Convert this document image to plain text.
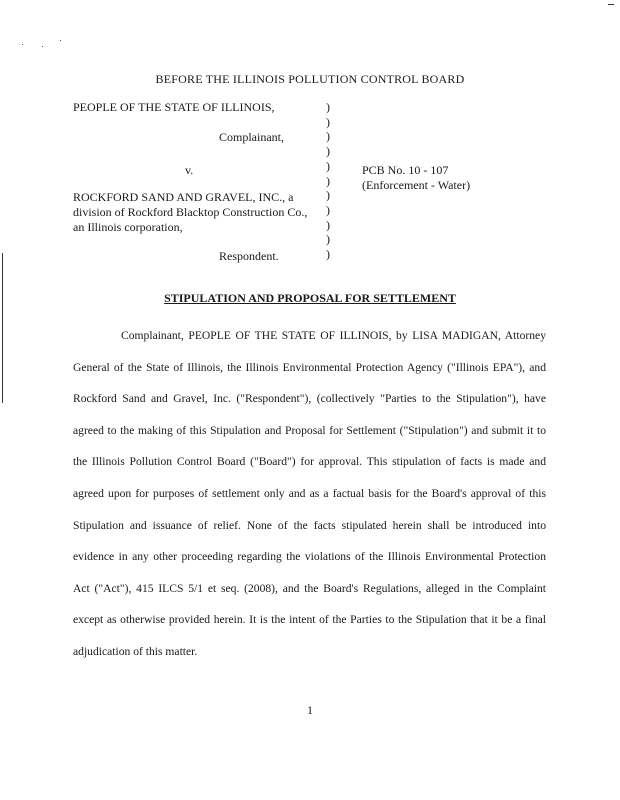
BEFORE THE ILLINOIS POLLUTION CONTROL BOARD
PEOPLE OF THE STATE OF ILLINOIS,
Complainant,
v.
ROCKFORD SAND AND GRAVEL, INC., a
division of Rockford Blacktop Construction Co.,
an Illinois corporation,
Respondent.
)
)
)
)
)
)
)
)
)
)
)
PCB No. 10 - 107
(Enforcement - Water)
STIPULATION AND PROPOSAL FOR SETTLEMENT
Complainant, PEOPLE OF THE STATE OF ILLINOIS, by LISA MADIGAN, Attorney General of the State of Illinois, the Illinois Environmental Protection Agency ("Illinois EPA"), and Rockford Sand and Gravel, Inc. ("Respondent"), (collectively "Parties to the Stipulation"), have agreed to the making of this Stipulation and Proposal for Settlement ("Stipulation") and submit it to the Illinois Pollution Control Board ("Board") for approval. This stipulation of facts is made and agreed upon for purposes of settlement only and as a factual basis for the Board's approval of this Stipulation and issuance of relief. None of the facts stipulated herein shall be introduced into evidence in any other proceeding regarding the violations of the Illinois Environmental Protection Act ("Act"), 415 ILCS 5/1 et seq. (2008), and the Board's Regulations, alleged in the Complaint except as otherwise provided herein. It is the intent of the Parties to the Stipulation that it be a final adjudication of this matter.
1
